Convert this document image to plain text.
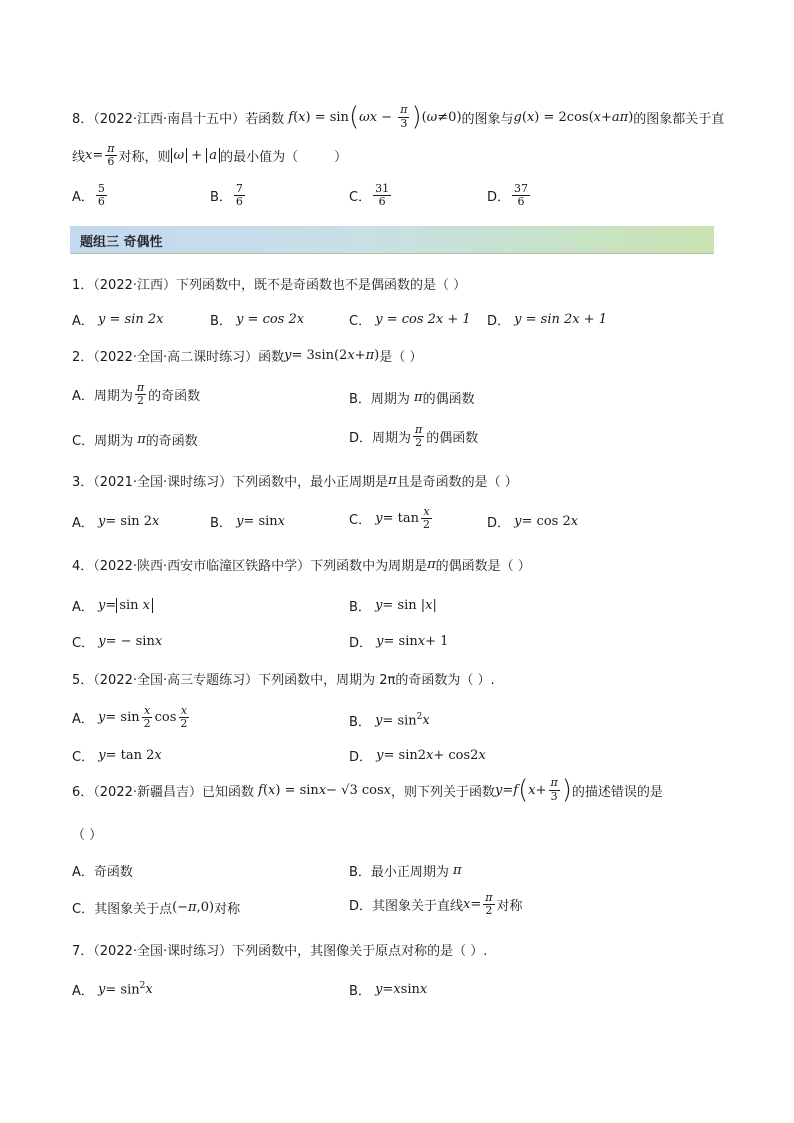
8．（2022·江西·南昌十五中）若函数 f ( x ) = sin ( $\omega x - \frac{\pi}{3}$ ) ( ω ≠0) 的图象与 g ( x ) = 2cos( x + aπ ) 的图象都关于直
线 $x = \frac{\pi}{6}$ 对称，则 ω + a 的最小值为（	）
A．
5
6	B．
7
6	C．
31
6	D．
37
6
题组三 奇偶性
1．（2022·江西）下列函数中，既不是奇函数也不是偶函数的是（ ）
A．
y = sin 2x	B．
y = cos 2x	C．
y = cos 2x + 1 D．
y = sin 2x + 1
2．（2022·全国·高二课时练习）函数 y = 3sin(2 x + π ) 是（ ）
A．周期为
π
2 的奇函数	B．周期为 π 的偶函数
C．周期为 π 的奇函数	D．周期为
π
2 的偶函数
3．（2021·全国·课时练习）下列函数中，最小正周期是 π 且是奇函数的是（ ）
A．
y = sin 2 x	B．
y = sin x	C．
y = tan x
2	D．
y = cos 2 x
4．（2022·陕西·西安市临潼区铁路中学）下列函数中为周期是 π 的偶函数是（ ）
A．
y = sin x	B．
y = sin | x |
C．
y = − sin x	D．
y = sin x + 1
5．（2022·全国·高三专题练习）下列函数中，周期为 2π的奇函数为（ ）.
A．
y = sin x
2 cos x
2	B．
$y = \sin^2 x$
C．
y = tan 2 x	D．
y = sin2 x + cos2 x
6．（2022·新疆昌吉）已知函数 f ( x ) = sin x − √3 cos x ，则下列关于函数 y = f ( $x + \frac{\pi}{3}$ ) 的描述错误的是
（ ）
A．奇函数	B．最小正周期为 π
C．其图象关于点 (− π ,0) 对称	D．其图象关于直线 $x = \frac{\pi}{2}$ 对称
7．（2022·全国·课时练习）下列函数中，其图像关于原点对称的是（ ）.
A．
$y = \sin^2 x$	B．
y = x sin x
